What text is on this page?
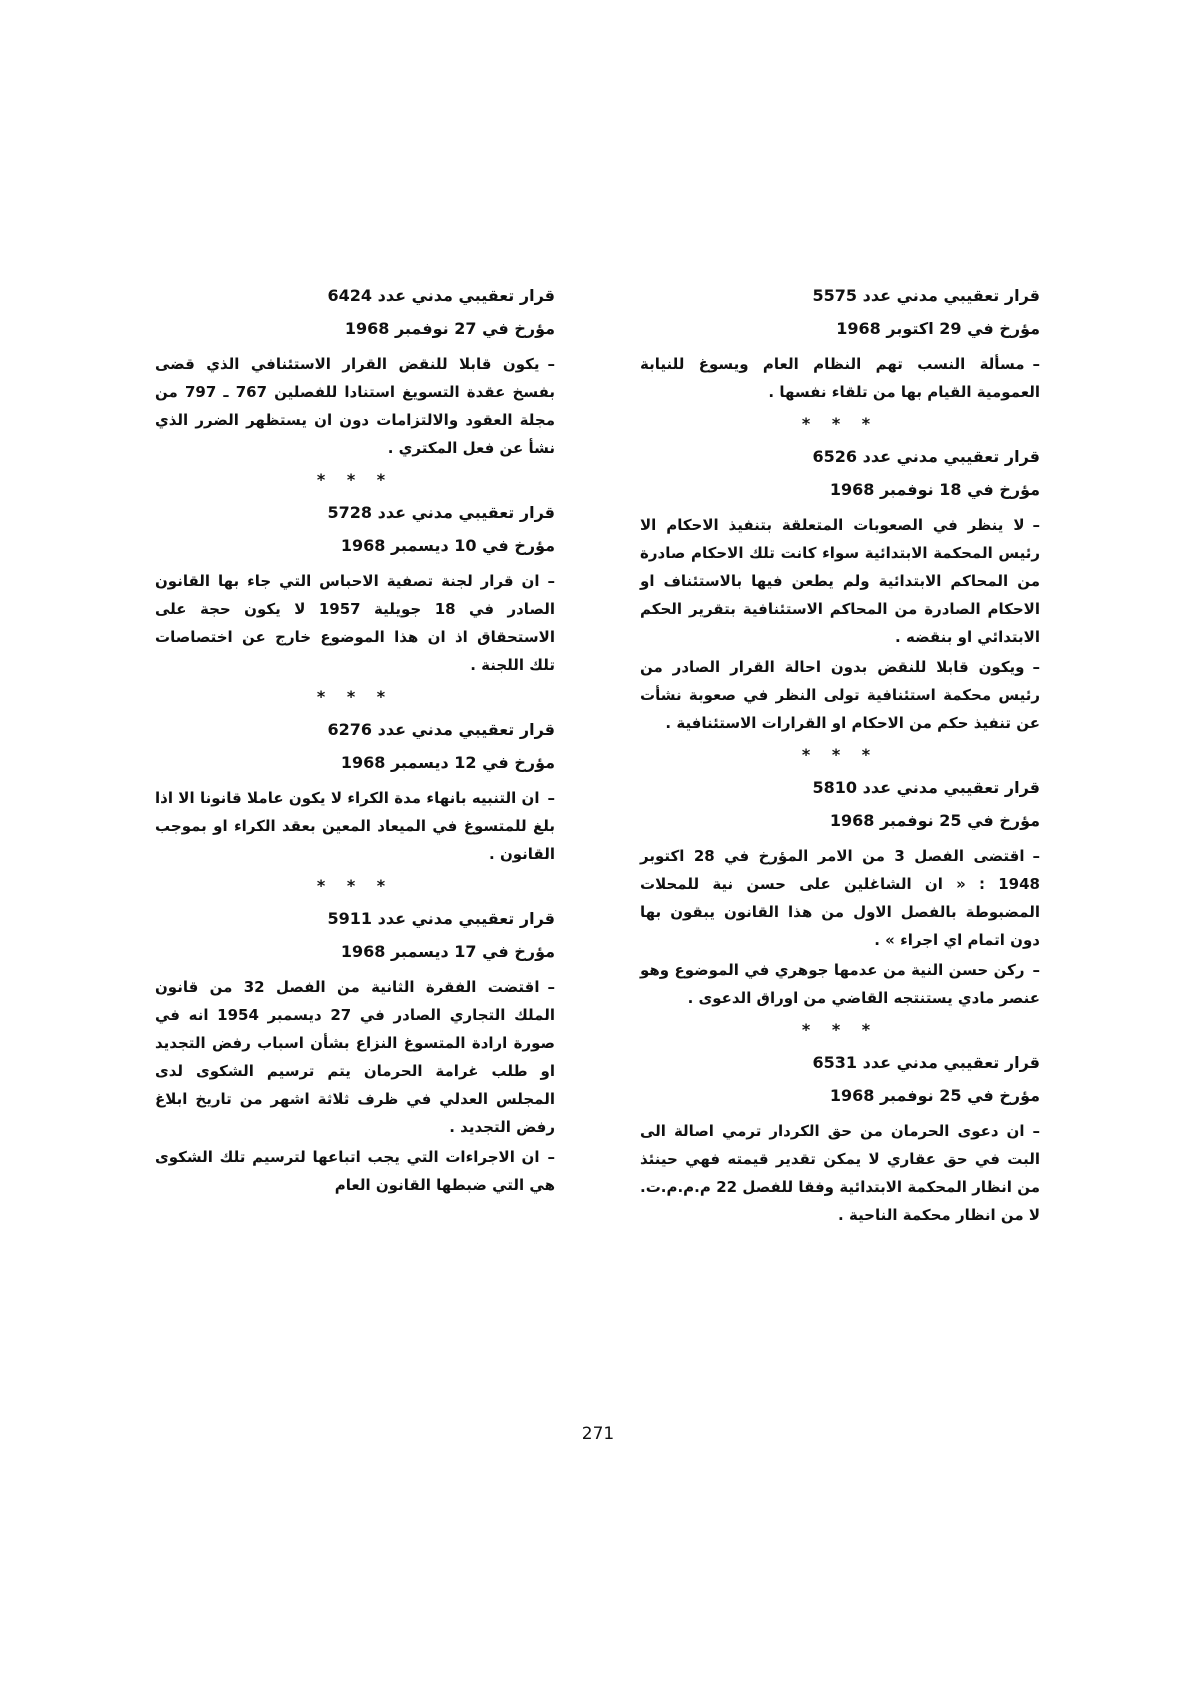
قرار تعقيبي مدني عدد 5575
مؤرخ في 29 اكتوبر 1968
–مسألة النسب تهم النظام العام ويسوغ للنيابة العمومية القيام بها من تلقاء نفسها .
* * *
قرار تعقيبي مدني عدد 6526
مؤرخ في 18 نوفمبر 1968
–لا ينظر في الصعوبات المتعلقة بتنفيذ الاحكام الا رئيس المحكمة الابتدائية سواء كانت تلك الاحكام صادرة من المحاكم الابتدائية ولم يطعن فيها بالاستئناف او الاحكام الصادرة من المحاكم الاستئنافية بتقرير الحكم الابتدائي او بنقضه .
–ويكون قابلا للنقض بدون احالة القرار الصادر من رئيس محكمة استئنافية تولى النظر في صعوبة نشأت عن تنفيذ حكم من الاحكام او القرارات الاستئنافية .
* * *
قرار تعقيبي مدني عدد 5810
مؤرخ في 25 نوفمبر 1968
–اقتضى الفصل 3 من الامر المؤرخ في 28 اكتوبر 1948 : « ان الشاغلين على حسن نية للمحلات المضبوطة بالفصل الاول من هذا القانون يبقون بها دون اتمام اي اجراء » .
–ركن حسن النية من عدمها جوهري في الموضوع وهو عنصر مادي يستنتجه القاضي من اوراق الدعوى .
* * *
قرار تعقيبي مدني عدد 6531
مؤرخ في 25 نوفمبر 1968
–ان دعوى الحرمان من حق الكردار ترمي اصالة الى البت في حق عقاري لا يمكن تقدير قيمته فهي حينئذ من انظار المحكمة الابتدائية وفقا للفصل 22 م.م.م.ت. لا من انظار محكمة الناحية .
قرار تعقيبي مدني عدد 6424
مؤرخ في 27 نوفمبر 1968
–يكون قابلا للنقض القرار الاستئنافي الذي قضى بفسخ عقدة التسويغ استنادا للفصلين 767 ـ 797 من مجلة العقود والالتزامات دون ان يستظهر الضرر الذي نشأ عن فعل المكتري .
* * *
قرار تعقيبي مدني عدد 5728
مؤرخ في 10 ديسمبر 1968
–ان قرار لجنة تصفية الاحباس التي جاء بها القانون الصادر في 18 جويلية 1957 لا يكون حجة على الاستحقاق اذ ان هذا الموضوع خارج عن اختصاصات تلك اللجنة .
* * *
قرار تعقيبي مدني عدد 6276
مؤرخ في 12 ديسمبر 1968
–ان التنبيه بانهاء مدة الكراء لا يكون عاملا قانونا الا اذا بلغ للمتسوغ في الميعاد المعين بعقد الكراء او بموجب القانون .
* * *
قرار تعقيبي مدني عدد 5911
مؤرخ في 17 ديسمبر 1968
–اقتضت الفقرة الثانية من الفصل 32 من قانون الملك التجاري الصادر في 27 ديسمبر 1954 انه في صورة ارادة المتسوغ النزاع بشأن اسباب رفض التجديد او طلب غرامة الحرمان يتم ترسيم الشكوى لدى المجلس العدلي في ظرف ثلاثة اشهر من تاريخ ابلاغ رفض التجديد .
–ان الاجراءات التي يجب اتباعها لترسيم تلك الشكوى هي التي ضبطها القانون العام
271
